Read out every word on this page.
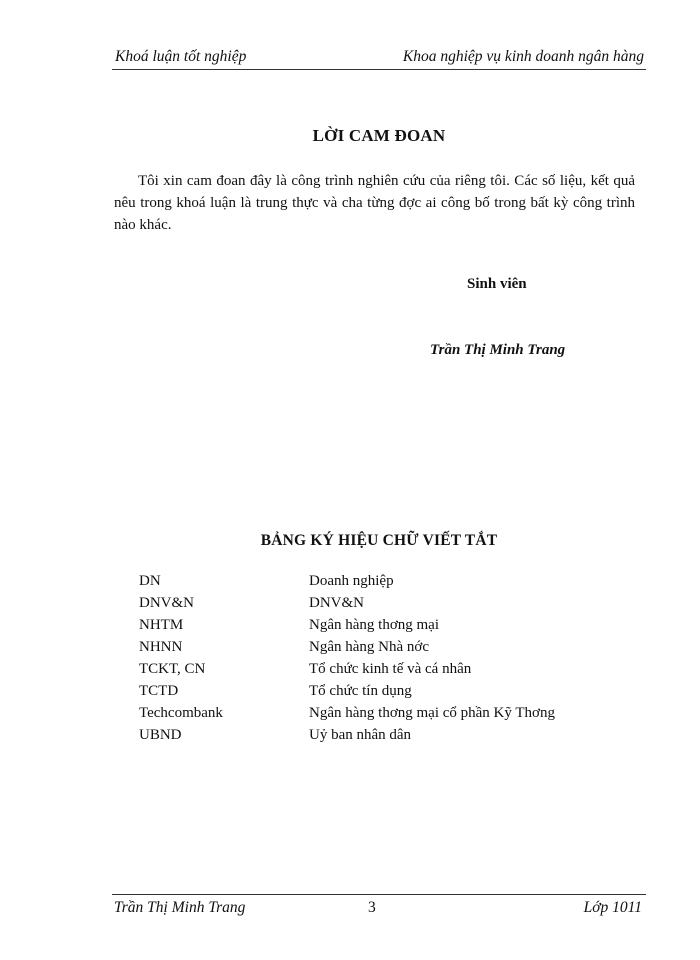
Khoá luận tốt nghiệp	Khoa nghiệp vụ kinh doanh ngân hàng
LỜI CAM ĐOAN
Tôi xin cam đoan đây là công trình nghiên cứu của riêng tôi. Các số liệu, kết quả nêu trong khoá luận là trung thực và cha từng đợc ai công bố trong bất kỳ công trình nào khác.
Sinh viên
Trần Thị Minh Trang
BẢNG KÝ HIỆU CHỮ VIẾT TẮT
DN	Doanh nghiệp
DNV&N	DNV&N
NHTM	Ngân hàng thơng mại
NHNN	Ngân hàng Nhà nớc
TCKT, CN	Tổ chức kinh tế và cá nhân
TCTD	Tổ chức tín dụng
Techcombank	Ngân hàng thơng mại cổ phần Kỹ Thơng
UBND	Uỷ ban nhân dân
Trần Thị Minh Trang	3	Lớp 1011
